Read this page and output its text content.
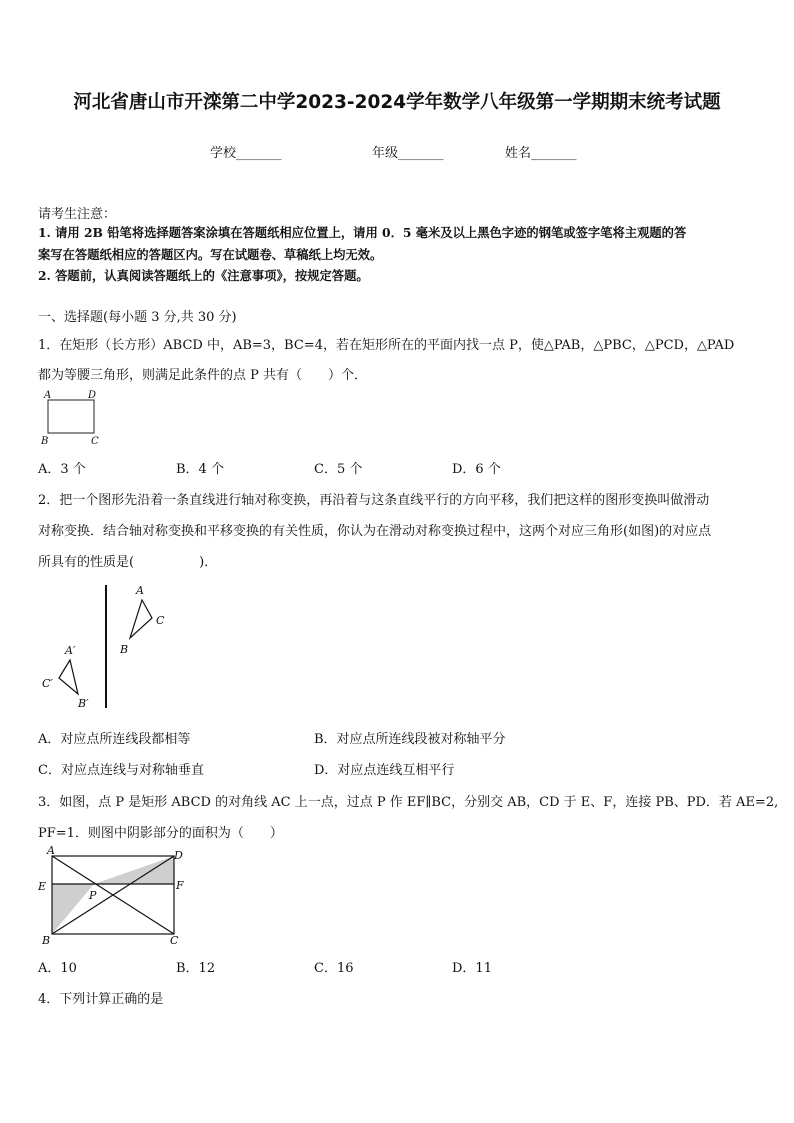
河北省唐山市开滦第二中学2023-2024学年数学八年级第一学期期末统考试题
学校_______	年级_______	姓名_______
请考生注意：
1. 请用 2B 铅笔将选择题答案涂填在答题纸相应位置上，请用 0．5 毫米及以上黑色字迹的钢笔或签字笔将主观题的答
案写在答题纸相应的答题区内。写在试题卷、草稿纸上均无效。
2. 答题前，认真阅读答题纸上的《注意事项》，按规定答题。
一、选择题(每小题 3 分,共 30 分)
1．在矩形（长方形）ABCD 中，AB=3，BC=4，若在矩形所在的平面内找一点 P，使△PAB，△PBC，△PCD，△PAD
都为等腰三角形，则满足此条件的点 P 共有（　　）个．
A	D
B	C
A．3 个	B．4 个	C．5 个	D．6 个
2．把一个图形先沿着一条直线进行轴对称变换，再沿着与这条直线平行的方向平移，我们把这样的图形变换叫做滑动
对称变换．结合轴对称变换和平移变换的有关性质，你认为在滑动对称变换过程中，这两个对应三角形(如图)的对应点
所具有的性质是(　　　　　)．
A
C
B
A′
C′
B′
A．对应点所连线段都相等	B．对应点所连线段被对称轴平分
C．对应点连线与对称轴垂直	D．对应点连线互相平行
3．如图，点 P 是矩形 ABCD 的对角线 AC 上一点，过点 P 作 EF∥BC，分别交 AB，CD 于 E、F，连接 PB、PD．若 AE=2,
PF=1．则图中阴影部分的面积为（　　）
A	D
E	F
P
B	C
A．10	B．12	C．16	D．11
4．下列计算正确的是
